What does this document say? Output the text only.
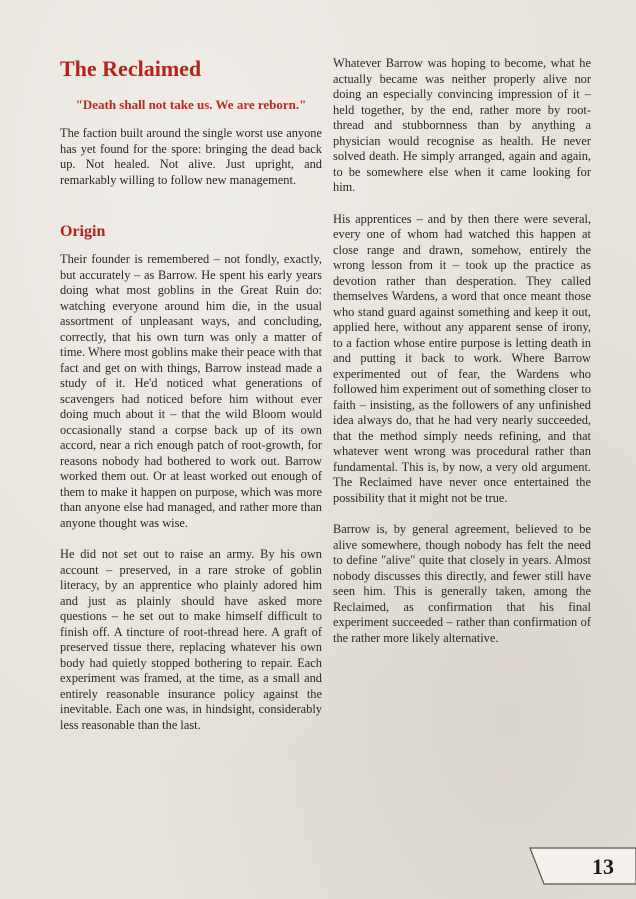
The Reclaimed
"Death shall not take us. We are reborn."

The faction built around the single worst use anyone has yet found for the spore: bringing the dead back up. Not healed. Not alive. Just upright, and remarkably willing to follow new management.

Origin

Their founder is remembered – not fondly, exactly, but accurately – as Barrow. He spent his early years doing what most goblins in the Great Ruin do: watching everyone around him die, in the usual assortment of unpleasant ways, and concluding, correctly, that his own turn was only a matter of time. Where most goblins make their peace with that fact and get on with things, Barrow instead made a study of it. He'd noticed what generations of scavengers had noticed before him without ever doing much about it – that the wild Bloom would occasionally stand a corpse back up of its own accord, near a rich enough patch of root-growth, for reasons nobody had bothered to work out. Barrow worked them out. Or at least worked out enough of them to make it happen on purpose, which was more than anyone else had managed, and rather more than anyone thought was wise.

He did not set out to raise an army. By his own account – preserved, in a rare stroke of goblin literacy, by an apprentice who plainly adored him and just as plainly should have asked more questions – he set out to make himself difficult to finish off. A tincture of root-thread here. A graft of preserved tissue there, replacing whatever his own body had quietly stopped bothering to repair. Each experiment was framed, at the time, as a small and entirely reasonable insurance policy against the inevitable. Each one was, in hindsight, considerably less reasonable than the last.

Whatever Barrow was hoping to become, what he actually became was neither properly alive nor doing an especially convincing impression of it – held together, by the end, rather more by root-thread and stubbornness than by anything a physician would recognise as health. He never solved death. He simply arranged, again and again, to be somewhere else when it came looking for him.

His apprentices – and by then there were several, every one of whom had watched this happen at close range and drawn, somehow, entirely the wrong lesson from it – took up the practice as devotion rather than desperation. They called themselves Wardens, a word that once meant those who stand guard against something and keep it out, applied here, without any apparent sense of irony, to a faction whose entire purpose is letting death in and putting it back to work. Where Barrow experimented out of fear, the Wardens who followed him experiment out of something closer to faith – insisting, as the followers of any unfinished idea always do, that he had very nearly succeeded, that the method simply needs refining, and that whatever went wrong was procedural rather than fundamental. This is, by now, a very old argument. The Reclaimed have never once entertained the possibility that it might not be true.

Barrow is, by general agreement, believed to be alive somewhere, though nobody has felt the need to define "alive" quite that closely in years. Almost nobody discusses this directly, and fewer still have seen him. This is generally taken, among the Reclaimed, as confirmation that his final experiment succeeded – rather than confirmation of the rather more likely alternative.

13
